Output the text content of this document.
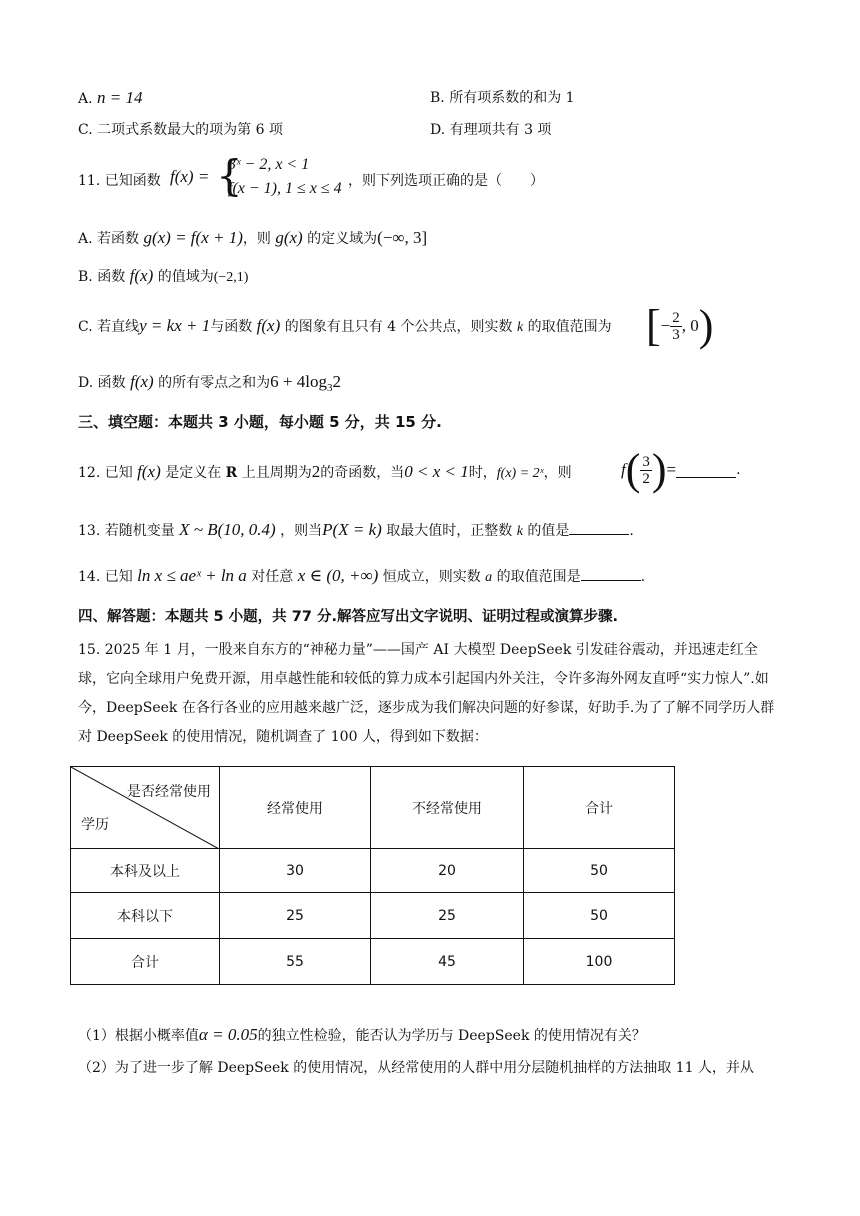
A. n = 14	B. 所有项系数的和为 1
C. 二项式系数最大的项为第 6 项	D. 有理项共有 3 项
11. 已知函数 f(x) = {
3ˣ − 2, x < 1
f(x − 1), 1 ≤ x ≤ 4 ，则下列选项正确的是（　　）
A. 若函数 g(x) = f(x + 1)，则 g(x) 的定义域为(−∞, 3]
B. 函数 f(x) 的值域为(−2,1)
C. 若直线y = kx + 1与函数 f(x) 的图象有且只有 4 个公共点，则实数 k 的取值范围为 [− $\frac{2}{3}$ , 0)
D. 函数 f(x) 的所有零点之和为$6 + 4\log_32$
三、填空题：本题共 3 小题，每小题 5 分，共 15 分.
12. 已知 f(x) 是定义在 R 上且周期为2的奇函数，当0 < x < 1时，f(x) = 2ˣ，则	$f( \frac{3}{2}$ )=	.
13. 若随机变量 X ~ B(10, 0.4) ，则当P(X = k) 取最大值时，正整数 k 的值是	.
14. 已知 ln x ≤ aeˣ + ln a 对任意 x ∈ (0, +∞) 恒成立，则实数 a 的取值范围是	.
四、解答题：本题共 5 小题，共 77 分.解答应写出文字说明、证明过程或演算步骤.
15. 2025 年 1 月，一股来自东方的“神秘力量”——国产 AI 大模型 DeepSeek 引发硅谷震动，并迅速走红全球，它向全球用户免费开源，用卓越性能和较低的算力成本引起国内外关注，令许多海外网友直呼“实力惊人”.如今，DeepSeek 在各行各业的应用越来越广泛，逐步成为我们解决问题的好参谋，好助手.为了了解不同学历人群对 DeepSeek 的使用情况，随机调查了 100 人，得到如下数据：
是否经常使用
学历	经常使用	不经常使用	合计
本科及以上	30	20	50
本科以下	25	25	50
合计	55	45	100
（1）根据小概率值α = 0.05的独立性检验，能否认为学历与 DeepSeek 的使用情况有关？
（2）为了进一步了解 DeepSeek 的使用情况，从经常使用的人群中用分层随机抽样的方法抽取 11 人，并从
